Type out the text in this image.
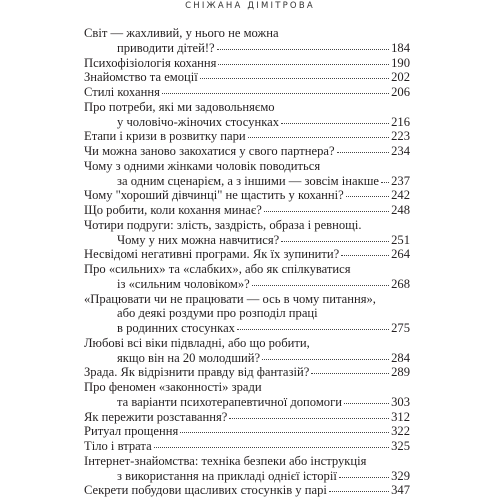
СНІЖАНА ДІМІТРОВА
Світ — жахливий, у нього не можна
приводити дітей!?	184
Психофізіологія кохання	190
Знайомство та емоції	202
Стилі кохання	206
Про потреби, які ми задовольняємо
у чоловічо-жіночих стосунках	216
Етапи і кризи в розвитку пари	223
Чи можна заново закохатися у свого партнера?	234
Чому з одними жінками чоловік поводиться
за одним сценарієм, а з іншими — зовсім інакше 237
Чому "хороший дівчинці" не щастить у коханні?	242
Що робити, коли кохання минає?	248
Чотири подруги: злість, заздрість, образа і ревнощі.
Чому у них можна навчитися?	251
Несвідомі негативні програми. Як їх зупинити?	264
Про «сильних» та «слабких», або як спілкуватися
із «сильним чоловіком»?	268
«Працювати чи не працювати — ось в чому питання»,
або деякі роздуми про розподіл праці
в родинних стосунках	275
Любові всі віки підвладні, або що робити,
якщо він на 20 молодший?	284
Зрада. Як відрізнити правду від фантазій?	289
Про феномен «законності» зради
та варіанти психотерапевтичної допомоги	303
Як пережити розставання?	312
Ритуал прощення	322
Тіло і втрата	325
Інтернет-знайомства: техніка безпеки або інструкція
з використання на прикладі однієї історії	329
Секрети побудови щасливих стосунків у парі	347
